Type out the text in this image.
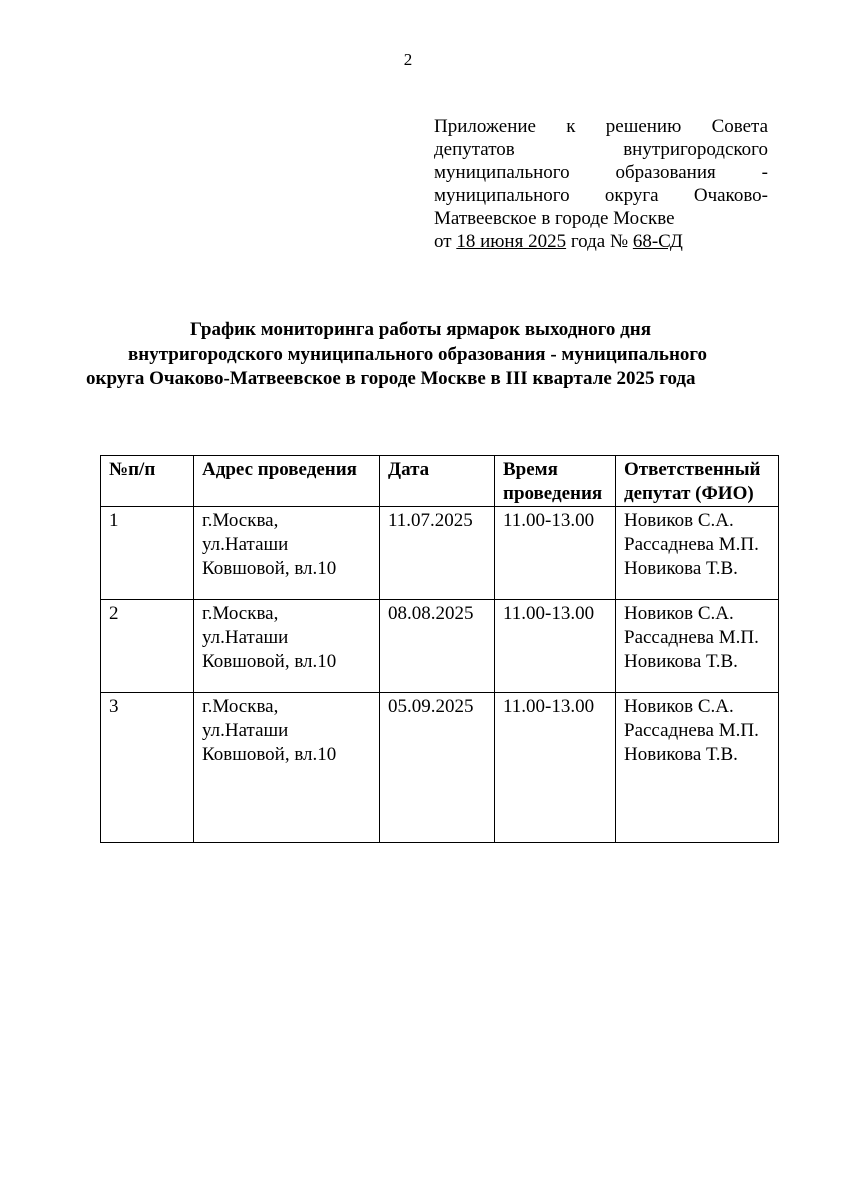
2
Приложение к решению Совета
депутатов внутригородского
муниципального образования -
муниципального округа Очаково-
Матвеевское в городе Москве
от 18 июня 2025 года № 68-СД
График мониторинга работы ярмарок выходного дня
внутригородского муниципального образования - муниципального
округа Очаково-Матвеевское в городе Москве в III квартале 2025 года
№п/п	Адрес проведения	Дата	Время
проведения	Ответственный
депутат (ФИО)

1	г.Москва,
ул.Наташи
Ковшовой, вл.10	11.07.2025	11.00-13.00	Новиков С.А.
Рассаднева М.П.
Новикова Т.В.

2	г.Москва,
ул.Наташи
Ковшовой, вл.10	08.08.2025	11.00-13.00	Новиков С.А.
Рассаднева М.П.
Новикова Т.В.

3	г.Москва,
ул.Наташи
Ковшовой, вл.10	05.09.2025	11.00-13.00	Новиков С.А.
Рассаднева М.П.
Новикова Т.В.
